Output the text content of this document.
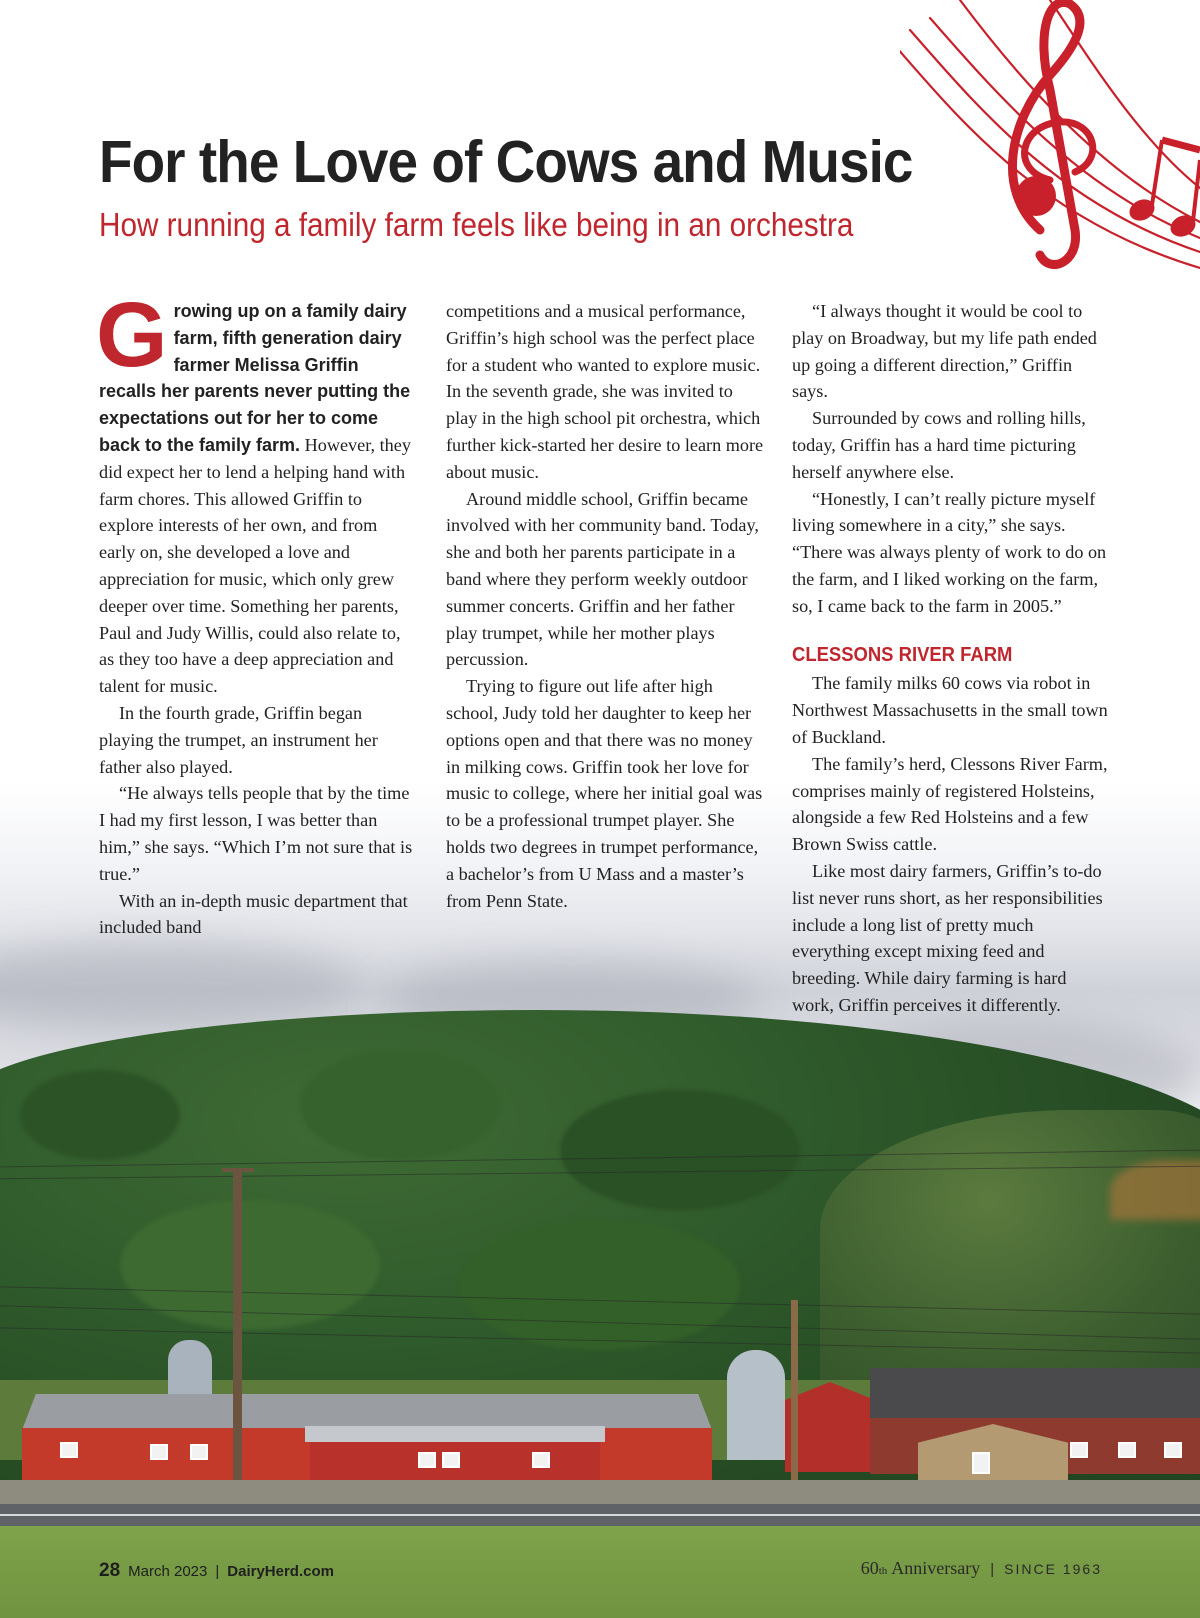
For the Love of Cows and Music
How running a family farm feels like being in an orchestra

Growing up on a family dairy farm, fifth generation dairy farmer Melissa Griffin recalls her parents never putting the expectations out for her to come back to the family farm. However, they did expect her to lend a helping hand with farm chores. This allowed Griffin to explore interests of her own, and from early on, she developed a love and appreciation for music, which only grew deeper over time. Something her parents, Paul and Judy Willis, could also relate to, as they too have a deep appreciation and talent for music.

In the fourth grade, Griffin began playing the trumpet, an instrument her father also played.

“He always tells people that by the time I had my first lesson, I was better than him,” she says. “Which I’m not sure that is true.”

With an in-depth music department that included band

competitions and a musical performance, Griffin’s high school was the perfect place for a student who wanted to explore music. In the seventh grade, she was invited to play in the high school pit orchestra, which further kick-started her desire to learn more about music.

Around middle school, Griffin became involved with her community band. Today, she and both her parents participate in a band where they perform weekly outdoor summer concerts. Griffin and her father play trumpet, while her mother plays percussion.

Trying to figure out life after high school, Judy told her daughter to keep her options open and that there was no money in milking cows. Griffin took her love for music to college, where her initial goal was to be a professional trumpet player. She holds two degrees in trumpet performance, a bachelor’s from U Mass and a master’s from Penn State.

“I always thought it would be cool to play on Broadway, but my life path ended up going a different direction,” Griffin says.

Surrounded by cows and rolling hills, today, Griffin has a hard time picturing herself anywhere else.

“Honestly, I can’t really picture myself living somewhere in a city,” she says. “There was always plenty of work to do on the farm, and I liked working on the farm, so, I came back to the farm in 2005.”

CLESSONS RIVER FARM

The family milks 60 cows via robot in Northwest Massachusetts in the small town of Buckland.

The family’s herd, Clessons River Farm, comprises mainly of registered Holsteins, alongside a few Red Holsteins and a few Brown Swiss cattle.

Like most dairy farmers, Griffin’s to-do list never runs short, as her responsibilities include a long list of pretty much everything except mixing feed and breeding. While dairy farming is hard work, Griffin perceives it differently.

28 March 2023 | DairyHerd.com	60 th Anniversary | SINCE 1963
